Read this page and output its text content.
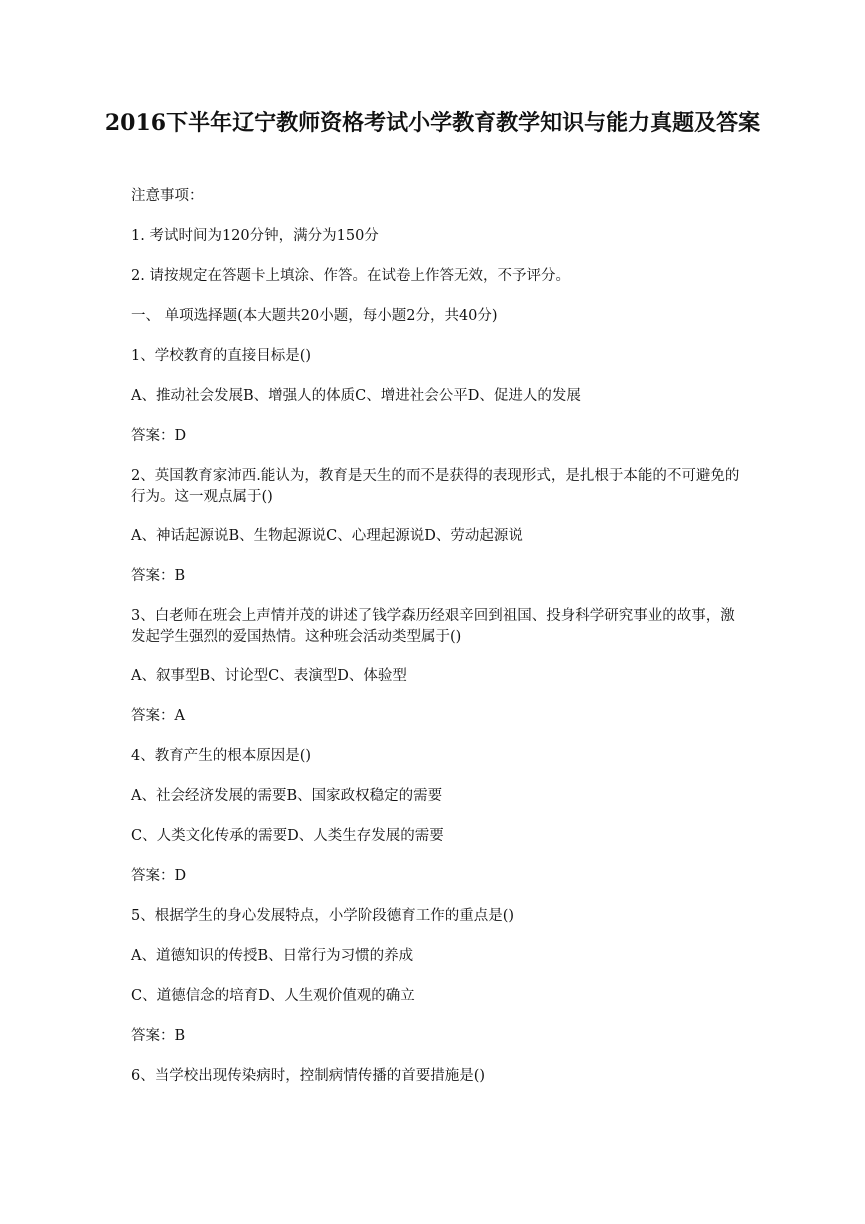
2016下半年辽宁教师资格考试小学教育教学知识与能力真题及答案

注意事项：

1. 考试时间为120分钟，满分为150分

2. 请按规定在答题卡上填涂、作答。在试卷上作答无效，不予评分。

一、 单项选择题(本大题共20小题，每小题2分，共40分)

1、学校教育的直接目标是()

A、推动社会发展B、增强人的体质C、增进社会公平D、促进人的发展

答案：D

2、英国教育家沛西.能认为，教育是天生的而不是获得的表现形式，是扎根于本能的不可避免的行为。这一观点属于()

A、神话起源说B、生物起源说C、心理起源说D、劳动起源说

答案：B

3、白老师在班会上声情并茂的讲述了钱学森历经艰辛回到祖国、投身科学研究事业的故事，激发起学生强烈的爱国热情。这种班会活动类型属于()

A、叙事型B、讨论型C、表演型D、体验型

答案：A

4、教育产生的根本原因是()

A、社会经济发展的需要B、国家政权稳定的需要

C、人类文化传承的需要D、人类生存发展的需要

答案：D

5、根据学生的身心发展特点，小学阶段德育工作的重点是()

A、道德知识的传授B、日常行为习惯的养成

C、道德信念的培育D、人生观价值观的确立

答案：B

6、当学校出现传染病时，控制病情传播的首要措施是()
